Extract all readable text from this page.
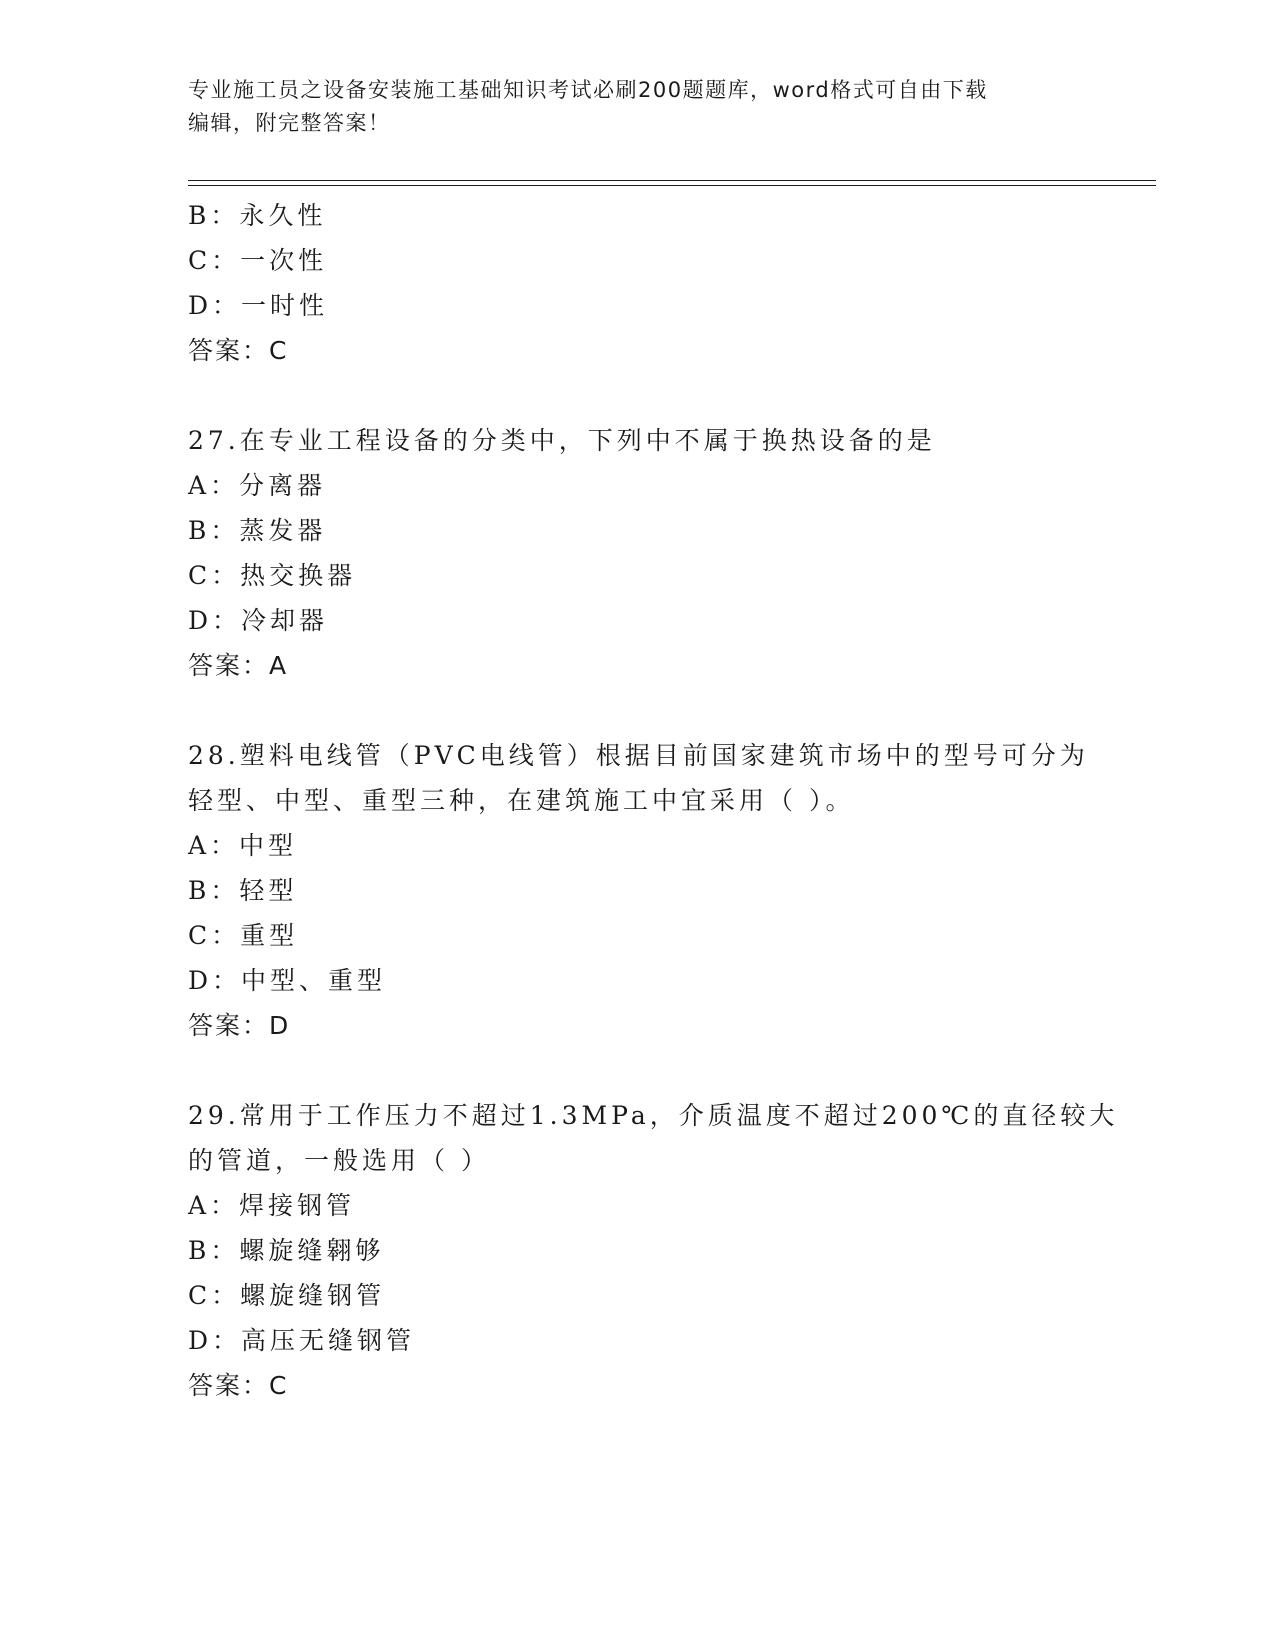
专业施工员之设备安装施工基础知识考试必刷200题题库，word格式可自由下载
编辑，附完整答案！
B：永久性
C：一次性
D：一时性
答案：C
27.在专业工程设备的分类中，下列中不属于换热设备的是
A：分离器
B：蒸发器
C：热交换器
D：冷却器
答案：A
28.塑料电线管（PVC电线管）根据目前国家建筑市场中的型号可分为
轻型、中型、重型三种，在建筑施工中宜采用（ ）。
A：中型
B：轻型
C：重型
D：中型、重型
答案：D
29.常用于工作压力不超过1.3MPa，介质温度不超过200℃的直径较大
的管道，一般选用（ ）
A：焊接钢管
B：螺旋缝翱够
C：螺旋缝钢管
D：高压无缝钢管
答案：C
